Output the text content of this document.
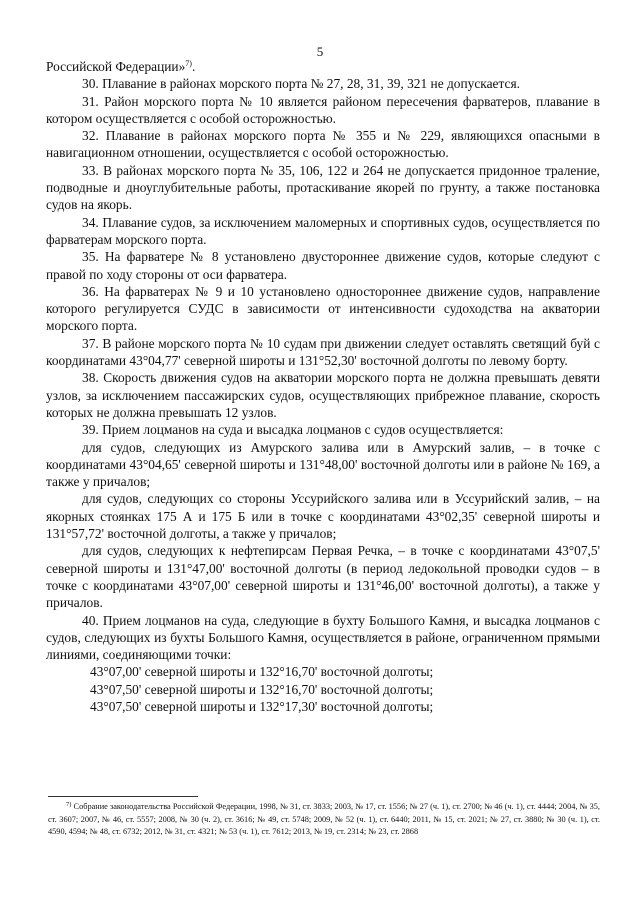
5

Российской Федерации»$^{7)}$.

30. Плавание в районах морского порта № 27, 28, 31, 39, 321 не допускается.

31. Район морского порта № 10 является районом пересечения фарватеров, плавание в котором осуществляется с особой осторожностью.

32. Плавание в районах морского порта № 355 и № 229, являющихся опасными в навигационном отношении, осуществляется с особой осторожностью.

33. В районах морского порта № 35, 106, 122 и 264 не допускается придонное траление, подводные и дноуглубительные работы, протаскивание якорей по грунту, а также постановка судов на якорь.

34. Плавание судов, за исключением маломерных и спортивных судов, осуществляется по фарватерам морского порта.

35. На фарватере № 8 установлено двустороннее движение судов, которые следуют с правой по ходу стороны от оси фарватера.

36. На фарватерах № 9 и 10 установлено одностороннее движение судов, направление которого регулируется СУДС в зависимости от интенсивности судоходства на акватории морского порта.

37. В районе морского порта № 10 судам при движении следует оставлять светящий буй с координатами 43°04,77' северной широты и 131°52,30' восточной долготы по левому борту.

38. Скорость движения судов на акватории морского порта не должна превышать девяти узлов, за исключением пассажирских судов, осуществляющих прибрежное плавание, скорость которых не должна превышать 12 узлов.

39. Прием лоцманов на суда и высадка лоцманов с судов осуществляется:

для судов, следующих из Амурского залива или в Амурский залив, – в точке с координатами 43°04,65' северной широты и 131°48,00' восточной долготы или в районе № 169, а также у причалов;

для судов, следующих со стороны Уссурийского залива или в Уссурийский залив, – на якорных стоянках 175 А и 175 Б или в точке с координатами 43°02,35' северной широты и 131°57,72' восточной долготы, а также у причалов;

для судов, следующих к нефтепирсам Первая Речка, – в точке с координатами 43°07,5' северной широты и 131°47,00' восточной долготы (в период ледокольной проводки судов – в точке с координатами 43°07,00' северной широты и 131°46,00' восточной долготы), а также у причалов.

40. Прием лоцманов на суда, следующие в бухту Большого Камня, и высадка лоцманов с судов, следующих из бухты Большого Камня, осуществляется в районе, ограниченном прямыми линиями, соединяющими точки:

43°07,00' северной широты и 132°16,70' восточной долготы;

43°07,50' северной широты и 132°16,70' восточной долготы;

43°07,50' северной широты и 132°17,30' восточной долготы;

$^{7)}$ Собрание законодательства Российской Федерации, 1998, № 31, ст. 3833; 2003, № 17, ст. 1556; № 27 (ч. 1), ст. 2700; № 46 (ч. 1), ст. 4444; 2004, № 35, ст. 3607; 2007, № 46, ст. 5557; 2008, № 30 (ч. 2), ст. 3616; № 49, ст. 5748; 2009, № 52 (ч. 1), ст. 6440; 2011, № 15, ст. 2021; № 27, ст. 3880; № 30 (ч. 1), ст. 4590, 4594; № 48, ст. 6732; 2012, № 31, ст. 4321; № 53 (ч. 1), ст. 7612; 2013, № 19, ст. 2314; № 23, ст. 2868
